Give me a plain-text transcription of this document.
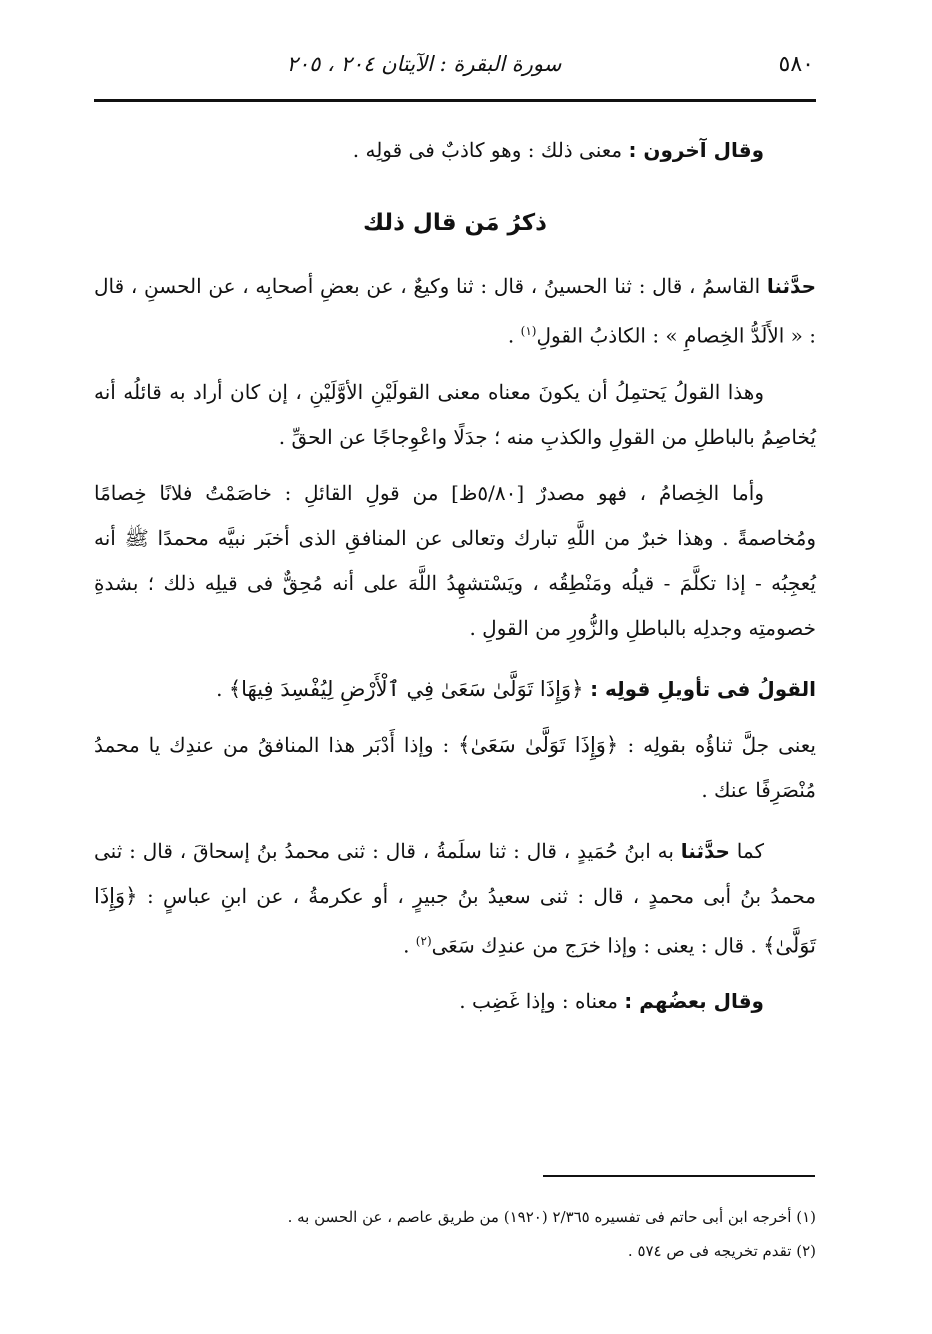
٥٨٠
سورة البقرة : الآيتان ٢٠٤ ، ٢٠٥

وقال آخرون : معنى ذلك : وهو كاذبٌ فى قولِه .

ذكرُ مَن قال ذلك

حدَّثنا القاسمُ ، قال : ثنا الحسينُ ، قال : ثنا وكيعٌ ، عن بعضِ أصحابِه ، عن الحسنِ ، قال : « الأَلَدُّ الخِصامِ » : الكاذبُ القولِ$^{(١)}$ .

وهذا القولُ يَحتمِلُ أن يكونَ معناه معنى القولَيْنِ الأوَّلَيْنِ ، إن كان أراد به قائلُه أنه يُخاصِمُ بالباطلِ من القولِ والكذبِ منه ؛ جدَلًا واعْوِجاجًا عن الحقِّ .

وأما الخِصامُ ، فهو مصدرٌ [٥/٨٠ظ] من قولِ القائلِ : خاصَمْتُ فلانًا خِصامًا ومُخاصمةً . وهذا خبرٌ من اللَّهِ تبارك وتعالى عن المنافقِ الذى أخبَر نبيَّه محمدًا ﷺ أنه يُعجِبُه - إذا تكلَّمَ - قيلُه ومَنْطِقُه ، ويَسْتشهِدُ اللَّهَ على أنه مُحِقٌّ فى قيلِه ذلك ؛ بشدةِ خصومتِه وجدلِه بالباطلِ والزُّورِ من القولِ .

القولُ فى تأويلِ قولِه : ﴿وَإِذَا تَوَلَّىٰ سَعَىٰ فِي ٱلْأَرْضِ لِيُفْسِدَ فِيهَا﴾ .

يعنى جلَّ ثناؤُه بقولِه : ﴿وَإِذَا تَوَلَّىٰ سَعَىٰ﴾ : وإذا أَدْبَر هذا المنافقُ من عندِك يا محمدُ مُنْصَرِفًا عنك .

كما حدَّثنا به ابنُ حُمَيدٍ ، قال : ثنا سلَمةُ ، قال : ثنى محمدُ بنُ إسحاقَ ، قال : ثنى محمدُ بنُ أبى محمدٍ ، قال : ثنى سعيدُ بنُ جبيرٍ ، أو عكرمةُ ، عن ابنِ عباسٍ : ﴿وَإِذَا تَوَلَّىٰ﴾ . قال : يعنى : وإذا خرَج من عندِك سَعَى$^{(٢)}$ .

وقال بعضُهم : معناه : وإذا غَضِب .

(١) أخرجه ابن أبى حاتم فى تفسيره ٢/٣٦٥ (١٩٢٠) من طريق عاصم ، عن الحسن به .
(٢) تقدم تخريجه فى ص ٥٧٤ .
